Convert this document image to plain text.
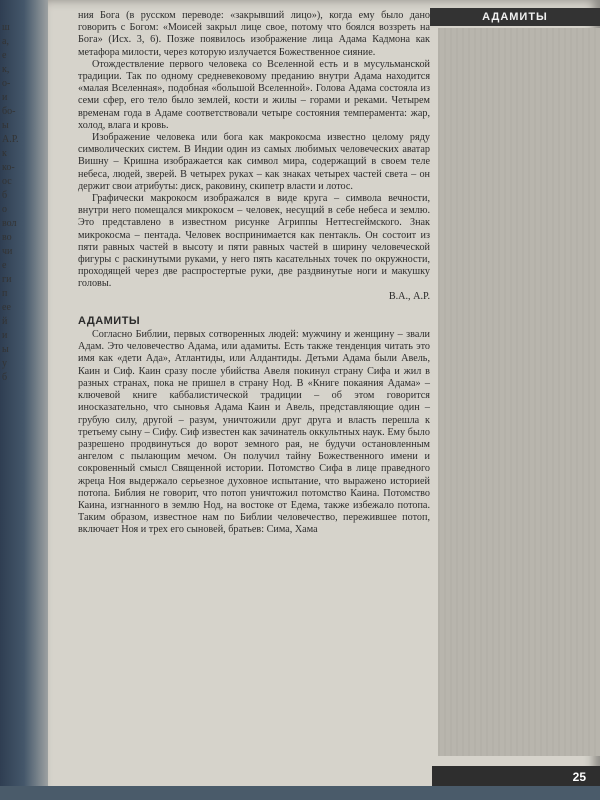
ш
а,
е
к,
о-
и
бо-
ы
А.Р.
к
ко-
ос
б
о
вол
во
чи
е
ги
п
ее
й
и
ы
у
б
АДАМИТЫ

ния Бога (в русском переводе: «закрывший лицо»), когда ему было дано говорить с Богом: «Моисей закрыл лице свое, потому что боялся воззреть на Бога» (Исх. 3, 6). Позже появилось изображение лица Адама Кадмона как метафора милости, через которую излучается Божественное сияние.

Отождествление первого человека со Вселенной есть и в мусульманской традиции. Так по одному средневековому преданию внутри Адама находится «малая Вселенная», подобная «большой Вселенной». Голова Адама состояла из семи сфер, его тело было землей, кости и жилы – горами и реками. Четырем временам года в Адаме соответствовали четыре состояния темперамента: жар, холод, влага и кровь.

Изображение человека или бога как макрокосма известно целому ряду символических систем. В Индии один из самых любимых человеческих аватар Вишну – Кришна изображается как символ мира, содержащий в своем теле небеса, людей, зверей. В четырех руках – как знаках четырех частей света – он держит свои атрибуты: диск, раковину, скипетр власти и лотос.

Графически макрокосм изображался в виде круга – символа вечности, внутри него помещался микрокосм – человек, несущий в себе небеса и землю. Это представлено в известном рисунке Агриппы Неттесгеймского. Знак микрокосма – пентада. Человек воспринимается как пентакль. Он состоит из пяти равных частей в высоту и пяти равных частей в ширину человеческой фигуры с раскинутыми руками, у него пять касательных точек по окружности, проходящей через две распростертые руки, две раздвинутые ноги и макушку головы.

В.А., А.Р.
АДАМИТЫ

Согласно Библии, первых сотворенных людей: мужчину и женщину – звали Адам. Это человечество Адама, или адамиты. Есть также тенденция читать это имя как «дети Ада», Атлантиды, или Алдантиды. Детьми Адама были Авель, Каин и Сиф. Каин сразу после убийства Авеля покинул страну Сифа и жил в разных странах, пока не пришел в страну Нод. В «Книге покаяния Адама» – ключевой книге каббалистической традиции – об этом говорится иносказательно, что сыновья Адама Каин и Авель, представляющие один – грубую силу, другой – разум, уничтожили друг друга и власть перешла к третьему сыну – Сифу. Сиф известен как зачинатель оккультных наук. Ему было разрешено продвинуться до ворот земного рая, не будучи остановленным ангелом с пылающим мечом. Он получил тайну Божественного имени и сокровенный смысл Священной истории. Потомство Сифа в лице праведного жреца Ноя выдержало серьезное духовное испытание, что выражено историей потопа. Библия не говорит, что потоп уничтожил потомство Каина. Потомство Каина, изгнанного в землю Нод, на востоке от Едема, также избежало потопа. Таким образом, известное нам по Библии человечество, пережившее потоп, включает Ноя и трех его сыновей, братьев: Сима, Хама

25
